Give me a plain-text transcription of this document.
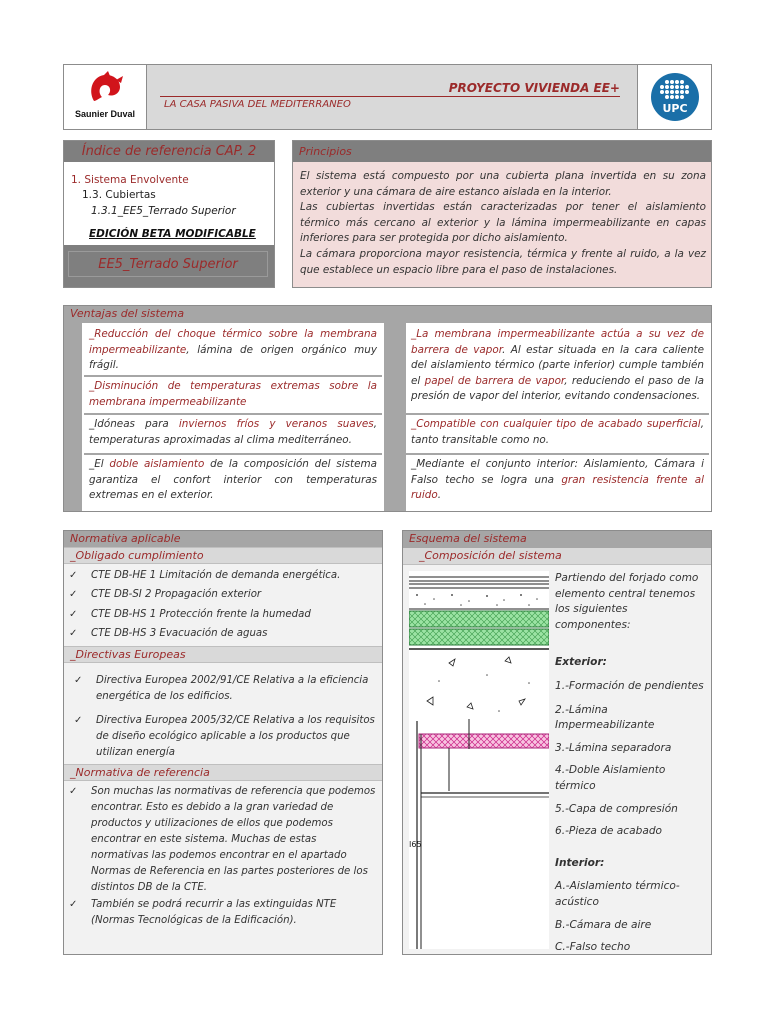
Saunier Duval
PROYECTO VIVIENDA EE+
LA CASA PASIVA DEL MEDITERRANEO	UPC
Índice de referencia CAP. 2
1. Sistema Envolvente
1.3. Cubiertas
1.3.1_EE5_Terrado Superior
EDICIÓN BETA MODIFICABLE
EE5_Terrado Superior
Principios
El sistema está compuesto por una cubierta plana invertida en su zona exterior y una cámara de aire estanco aislada en la interior.
Las cubiertas invertidas están caracterizadas por tener el aislamiento térmico más cercano al exterior y la lámina impermeabilizante en capas inferiores para ser protegida por dicho aislamiento.
La cámara proporciona mayor resistencia, térmica y frente al ruido, a la vez que establece un espacio libre para el paso de instalaciones.
Ventajas del sistema
_Reducción del choque térmico sobre la membrana impermeabilizante, lámina de origen orgánico muy frágil.
_Disminución de temperaturas extremas sobre la membrana impermeabilizante
_Idóneas para inviernos fríos y veranos suaves, temperaturas aproximadas al clima mediterráneo.
_El doble aislamiento de la composición del sistema garantiza el confort interior con temperaturas extremas en el exterior.
_La membrana impermeabilizante actúa a su vez de barrera de vapor. Al estar situada en la cara caliente del aislamiento térmico (parte inferior) cumple también el papel de barrera de vapor, reduciendo el paso de la presión de vapor del interior, evitando condensaciones.
_Compatible con cualquier tipo de acabado superficial, tanto transitable como no.
_Mediante el conjunto interior: Aislamiento, Cámara i Falso techo se logra una gran resistencia frente al ruido.
Normativa aplicable
_Obligado cumplimiento
✓ CTE DB-HE 1 Limitación de demanda energética.
✓ CTE DB-SI 2 Propagación exterior
✓ CTE DB-HS 1 Protección frente la humedad
✓ CTE DB-HS 3 Evacuación de aguas
_Directivas Europeas
✓ Directiva Europea 2002/91/CE Relativa a la eficiencia energética de los edificios.
✓ Directiva Europea 2005/32/CE Relativa a los requisitos de diseño ecológico aplicable a los productos que utilizan energía
_Normativa de referencia
✓ Son muchas las normativas de referencia que podemos encontrar. Esto es debido a la gran variedad de productos y utilizaciones de ellos que podemos encontrar en este sistema. Muchas de estas normativas las podemos encontrar en el apartado Normas de Referencia en las partes posteriores de los distintos DB de la CTE.
✓ También se podrá recurrir a las extinguidas NTE (Normas Tecnológicas de la Edificación).
Esquema del sistema
_Composición del sistema
I65
Partiendo del forjado como elemento central tenemos los siguientes componentes:
Exterior:
1.-Formación de pendientes
2.-Lámina Impermeabilizante
3.-Lámina separadora
4.-Doble Aislamiento térmico
5.-Capa de compresión
6.-Pieza de acabado
Interior:
A.-Aislamiento térmico-acústico
B.-Cámara de aire
C.-Falso techo
